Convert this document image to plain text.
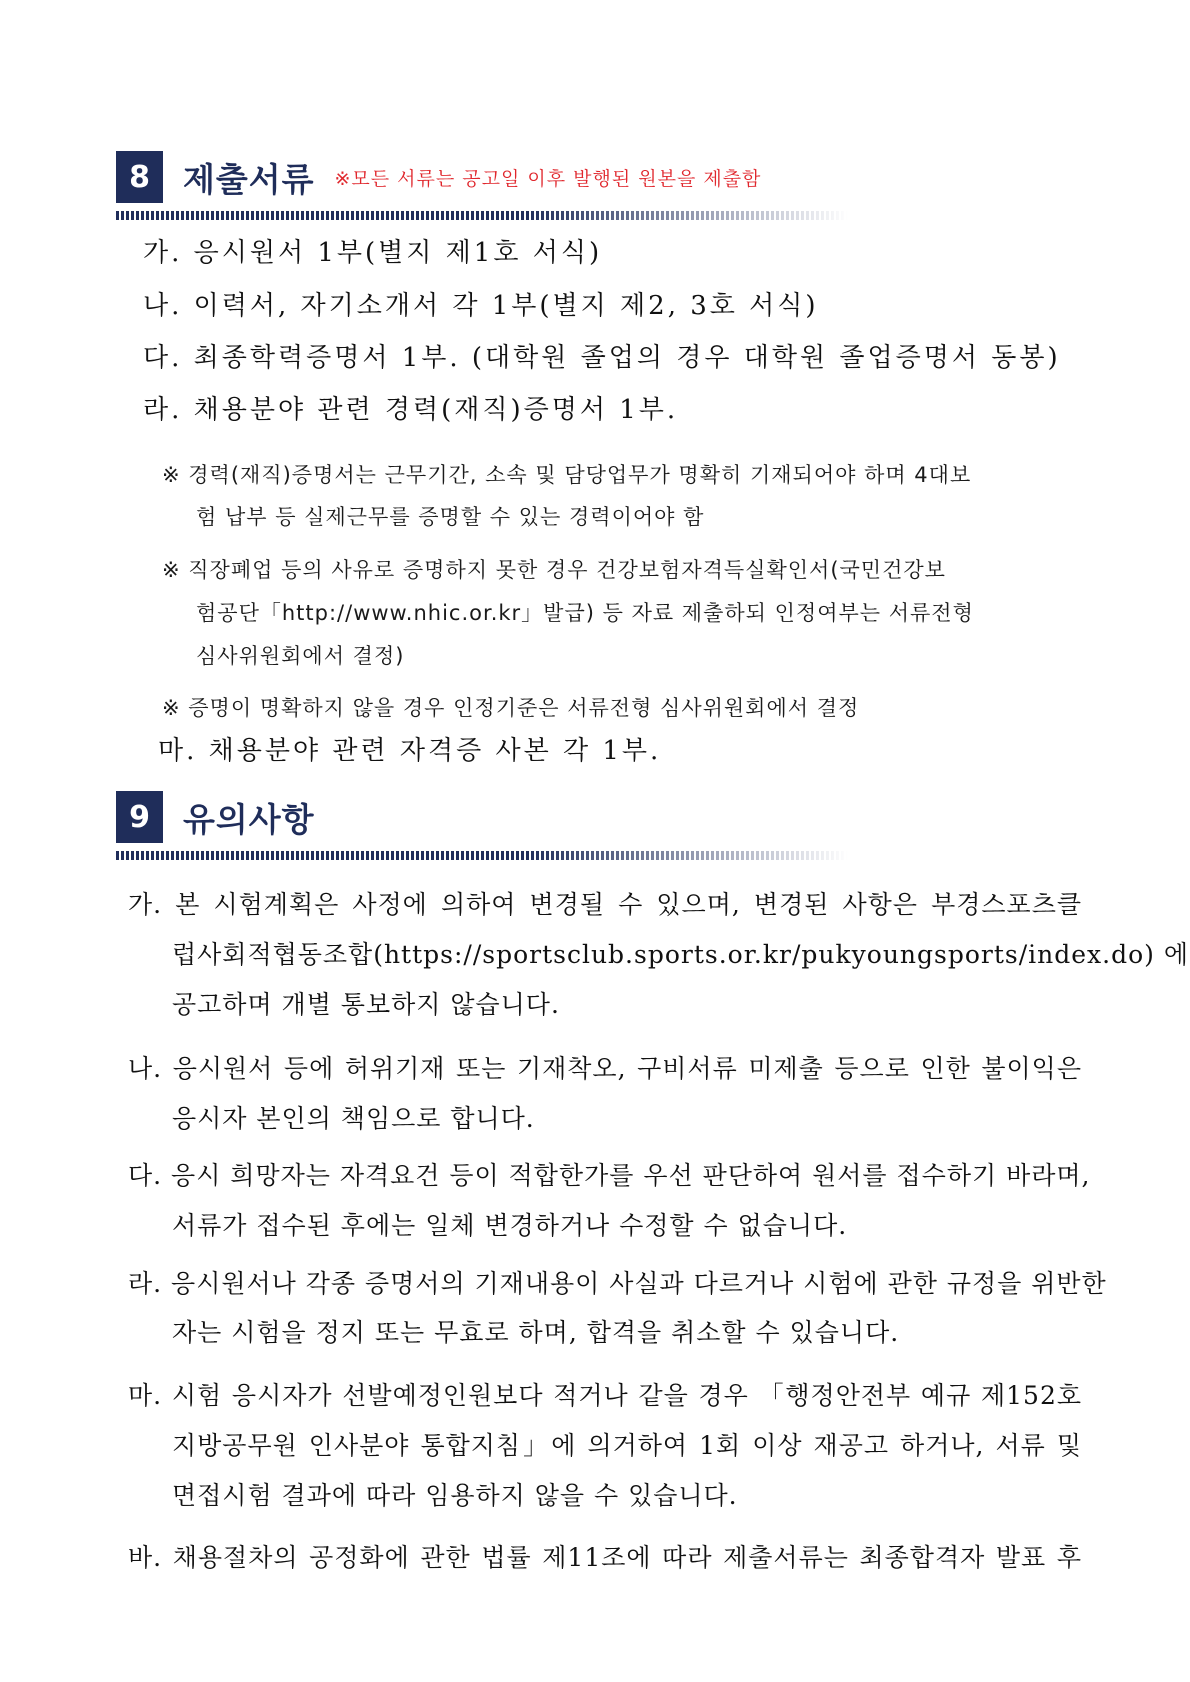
8	제출서류 ※모든 서류는 공고일 이후 발행된 원본을 제출함
가. 응시원서 1부(별지 제1호 서식)
나. 이력서, 자기소개서 각 1부(별지 제2, 3호 서식)
다. 최종학력증명서 1부. (대학원 졸업의 경우 대학원 졸업증명서 동봉)
라. 채용분야 관련 경력(재직)증명서 1부.
※ 경력(재직)증명서는 근무기간, 소속 및 담당업무가 명확히 기재되어야 하며 4대보
험 납부 등 실제근무를 증명할 수 있는 경력이어야 함
※ 직장폐업 등의 사유로 증명하지 못한 경우 건강보험자격득실확인서(국민건강보
험공단「http://www.nhic.or.kr」발급) 등 자료 제출하되 인정여부는 서류전형
심사위원회에서 결정)
※ 증명이 명확하지 않을 경우 인정기준은 서류전형 심사위원회에서 결정
마. 채용분야 관련 자격증 사본 각 1부.
9	유의사항
가. 본 시험계획은 사정에 의하여 변경될 수 있으며, 변경된 사항은 부경스포츠클
럽사회적협동조합(https://sportsclub.sports.or.kr/pukyoungsports/index.do) 에
공고하며 개별 통보하지 않습니다.
나. 응시원서 등에 허위기재 또는 기재착오, 구비서류 미제출 등으로 인한 불이익은
응시자 본인의 책임으로 합니다.
다. 응시 희망자는 자격요건 등이 적합한가를 우선 판단하여 원서를 접수하기 바라며,
서류가 접수된 후에는 일체 변경하거나 수정할 수 없습니다.
라. 응시원서나 각종 증명서의 기재내용이 사실과 다르거나 시험에 관한 규정을 위반한
자는 시험을 정지 또는 무효로 하며, 합격을 취소할 수 있습니다.
마. 시험 응시자가 선발예정인원보다 적거나 같을 경우 「행정안전부 예규 제152호
지방공무원 인사분야 통합지침」에 의거하여 1회 이상 재공고 하거나, 서류 및
면접시험 결과에 따라 임용하지 않을 수 있습니다.
바. 채용절차의 공정화에 관한 법률 제11조에 따라 제출서류는 최종합격자 발표 후
